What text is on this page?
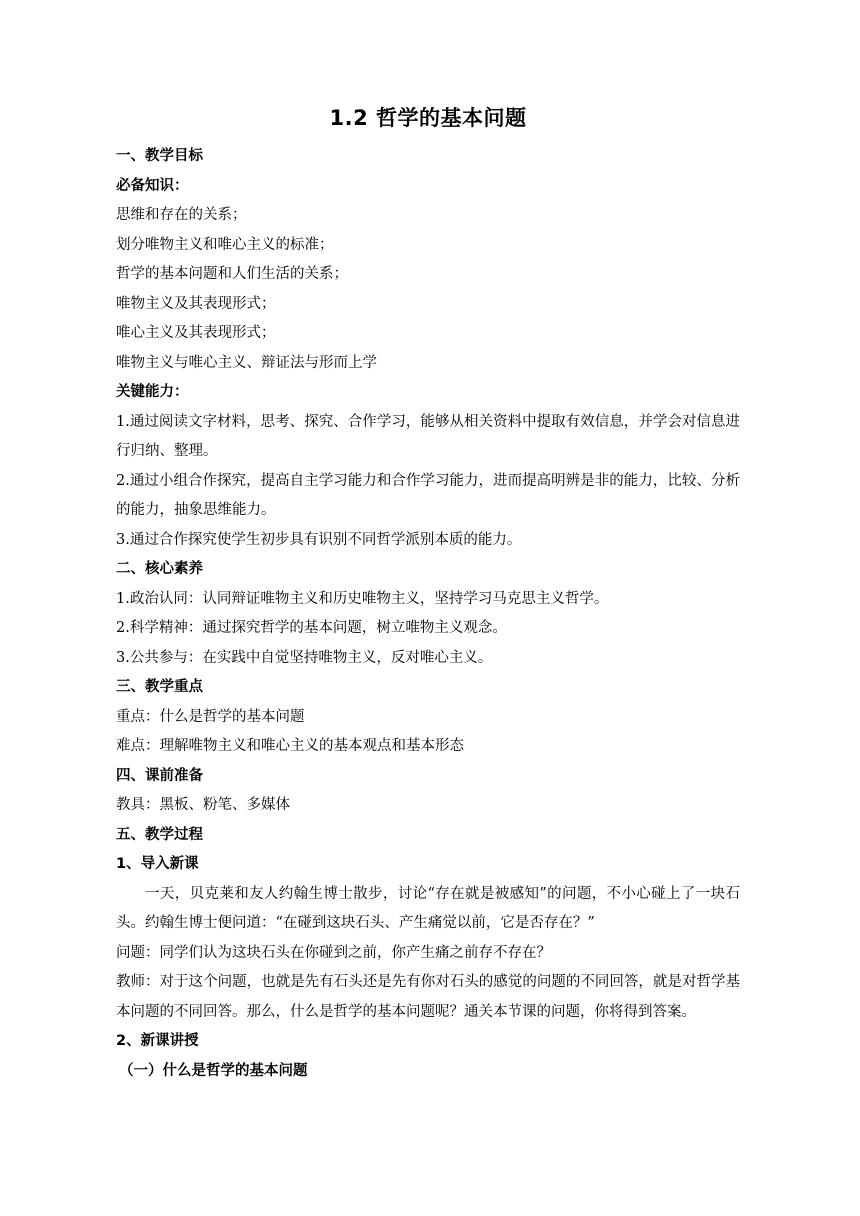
1.2 哲学的基本问题
一、教学目标
必备知识：
思维和存在的关系；
划分唯物主义和唯心主义的标准；
哲学的基本问题和人们生活的关系；
唯物主义及其表现形式；
唯心主义及其表现形式；
唯物主义与唯心主义、辩证法与形而上学
关键能力：
1.通过阅读文字材料，思考、探究、合作学习，能够从相关资料中提取有效信息，并学会对信息进行归纳、整理。
2.通过小组合作探究，提高自主学习能力和合作学习能力，进而提高明辨是非的能力，比较、分析的能力，抽象思维能力。
3.通过合作探究使学生初步具有识别不同哲学派别本质的能力。
二、核心素养
1.政治认同：认同辩证唯物主义和历史唯物主义，坚持学习马克思主义哲学。
2.科学精神：通过探究哲学的基本问题，树立唯物主义观念。
3.公共参与：在实践中自觉坚持唯物主义，反对唯心主义。
三、教学重点
重点：什么是哲学的基本问题
难点：理解唯物主义和唯心主义的基本观点和基本形态
四、课前准备
教具：黑板、粉笔、多媒体
五、教学过程
1、导入新课
一天，贝克莱和友人约翰生博士散步，讨论“存在就是被感知”的问题，不小心碰上了一块石头。约翰生博士便问道：“在碰到这块石头、产生痛觉以前，它是否存在？”
问题：同学们认为这块石头在你碰到之前，你产生痛之前存不存在？
教师：对于这个问题，也就是先有石头还是先有你对石头的感觉的问题的不同回答，就是对哲学基本问题的不同回答。那么，什么是哲学的基本问题呢？通关本节课的问题，你将得到答案。
2、新课讲授
（一）什么是哲学的基本问题
